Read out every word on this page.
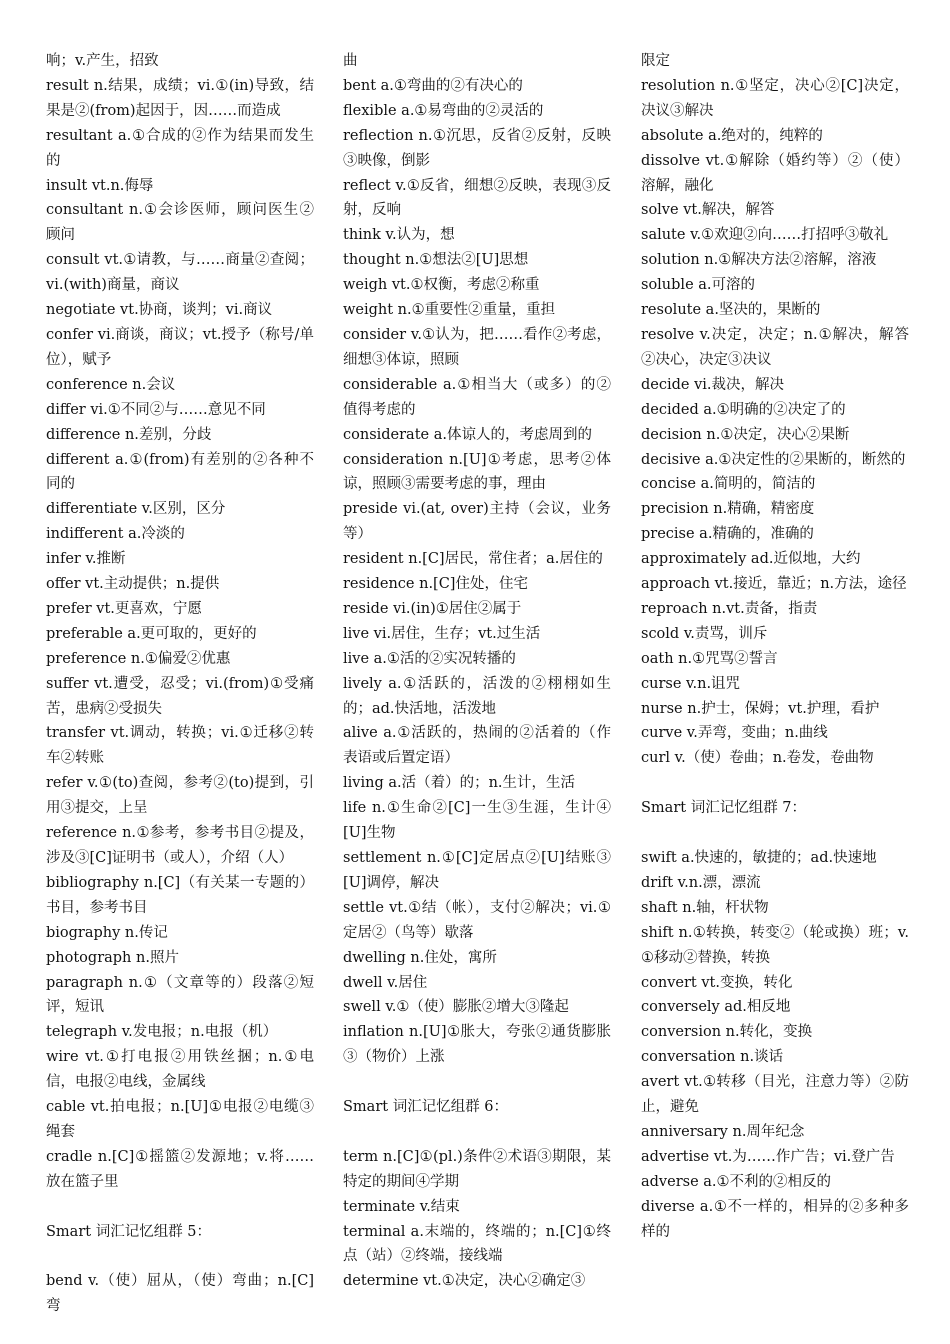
响；v.产生，招致
result n.结果，成绩；vi.①(in)导致，结果是②(from)起因于，因……而造成
resultant a.①合成的②作为结果而发生的
insult vt.n.侮辱
consultant n.①会诊医师，顾问医生②顾问
consult vt.①请教，与……商量②查阅；vi.(with)商量，商议
negotiate vt.协商，谈判；vi.商议
confer vi.商谈，商议；vt.授予（称号/单位），赋予
conference n.会议
differ vi.①不同②与……意见不同
difference n.差别，分歧
different a.①(from)有差别的②各种不同的
differentiate v.区别，区分
indifferent a.冷淡的
infer v.推断
offer vt.主动提供；n.提供
prefer vt.更喜欢，宁愿
preferable a.更可取的，更好的
preference n.①偏爱②优惠
suffer vt.遭受，忍受；vi.(from)①受痛苦，患病②受损失
transfer vt.调动，转换；vi.①迁移②转车②转账
refer v.①(to)查阅，参考②(to)提到，引用③提交，上呈
reference n.①参考，参考书目②提及，涉及③[C]证明书（或人），介绍（人）
bibliography n.[C]（有关某一专题的）书目，参考书目
biography n.传记
photograph n.照片
paragraph n.①（文章等的）段落②短评，短讯
telegraph v.发电报；n.电报（机）
wire vt.①打电报②用铁丝捆；n.①电信，电报②电线，金属线
cable vt.拍电报；n.[U]①电报②电缆③绳套
cradle n.[C]①摇篮②发源地；v.将……放在篮子里
Smart 词汇记忆组群 5：
bend v.（使）屈从，（使）弯曲；n.[C]弯
曲
bent a.①弯曲的②有决心的
flexible a.①易弯曲的②灵活的
reflection n.①沉思，反省②反射，反映③映像，倒影
reflect v.①反省，细想②反映，表现③反射，反响
think v.认为，想
thought n.①想法②[U]思想
weigh vt.①权衡，考虑②称重
weight n.①重要性②重量，重担
consider v.①认为，把……看作②考虑，细想③体谅，照顾
considerable a.①相当大（或多）的②值得考虑的
considerate a.体谅人的，考虑周到的
consideration n.[U]①考虑，思考②体谅，照顾③需要考虑的事，理由
preside vi.(at, over)主持（会议，业务等）
resident n.[C]居民，常住者；a.居住的
residence n.[C]住处，住宅
reside vi.(in)①居住②属于
live vi.居住，生存；vt.过生活
live a.①活的②实况转播的
lively a.①活跃的，活泼的②栩栩如生的；ad.快活地，活泼地
alive a.①活跃的，热闹的②活着的（作表语或后置定语）
living a.活（着）的；n.生计，生活
life n.①生命②[C]一生③生涯，生计④[U]生物
settlement n.①[C]定居点②[U]结账③[U]调停，解决
settle vt.①结（帐），支付②解决；vi.①定居②（鸟等）歇落
dwelling n.住处，寓所
dwell v.居住
swell v.①（使）膨胀②增大③隆起
inflation n.[U]①胀大，夸张②通货膨胀③（物价）上涨
Smart 词汇记忆组群 6：
term n.[C]①(pl.)条件②术语③期限，某特定的期间④学期
terminate v.结束
terminal a.末端的，终端的；n.[C]①终点（站）②终端，接线端
determine vt.①决定，决心②确定③
限定
resolution n.①坚定，决心②[C]决定，决议③解决
absolute a.绝对的，纯粹的
dissolve vt.①解除（婚约等）②（使）溶解，融化
solve vt.解决，解答
salute v.①欢迎②向……打招呼③敬礼
solution n.①解决方法②溶解，溶液
soluble a.可溶的
resolute a.坚决的，果断的
resolve v.决定，决定；n.①解决，解答②决心，决定③决议
decide vi.裁决，解决
decided a.①明确的②决定了的
decision n.①决定，决心②果断
decisive a.①决定性的②果断的，断然的
concise a.简明的，简洁的
precision n.精确，精密度
precise a.精确的，准确的
approximately ad.近似地，大约
approach vt.接近，靠近；n.方法，途径
reproach n.vt.责备，指责
scold v.责骂，训斥
oath n.①咒骂②誓言
curse v.n.诅咒
nurse n.护士，保姆；vt.护理，看护
curve v.弄弯，变曲；n.曲线
curl v.（使）卷曲；n.卷发，卷曲物
Smart 词汇记忆组群 7：
swift a.快速的，敏捷的；ad.快速地
drift v.n.漂，漂流
shaft n.轴，杆状物
shift n.①转换，转变②（轮或换）班；v.①移动②替换，转换
convert vt.变换，转化
conversely ad.相反地
conversion n.转化，变换
conversation n.谈话
avert vt.①转移（目光，注意力等）②防止，避免
anniversary n.周年纪念
advertise vt.为……作广告；vi.登广告
adverse a.①不利的②相反的
diverse a.①不一样的，相异的②多种多样的
